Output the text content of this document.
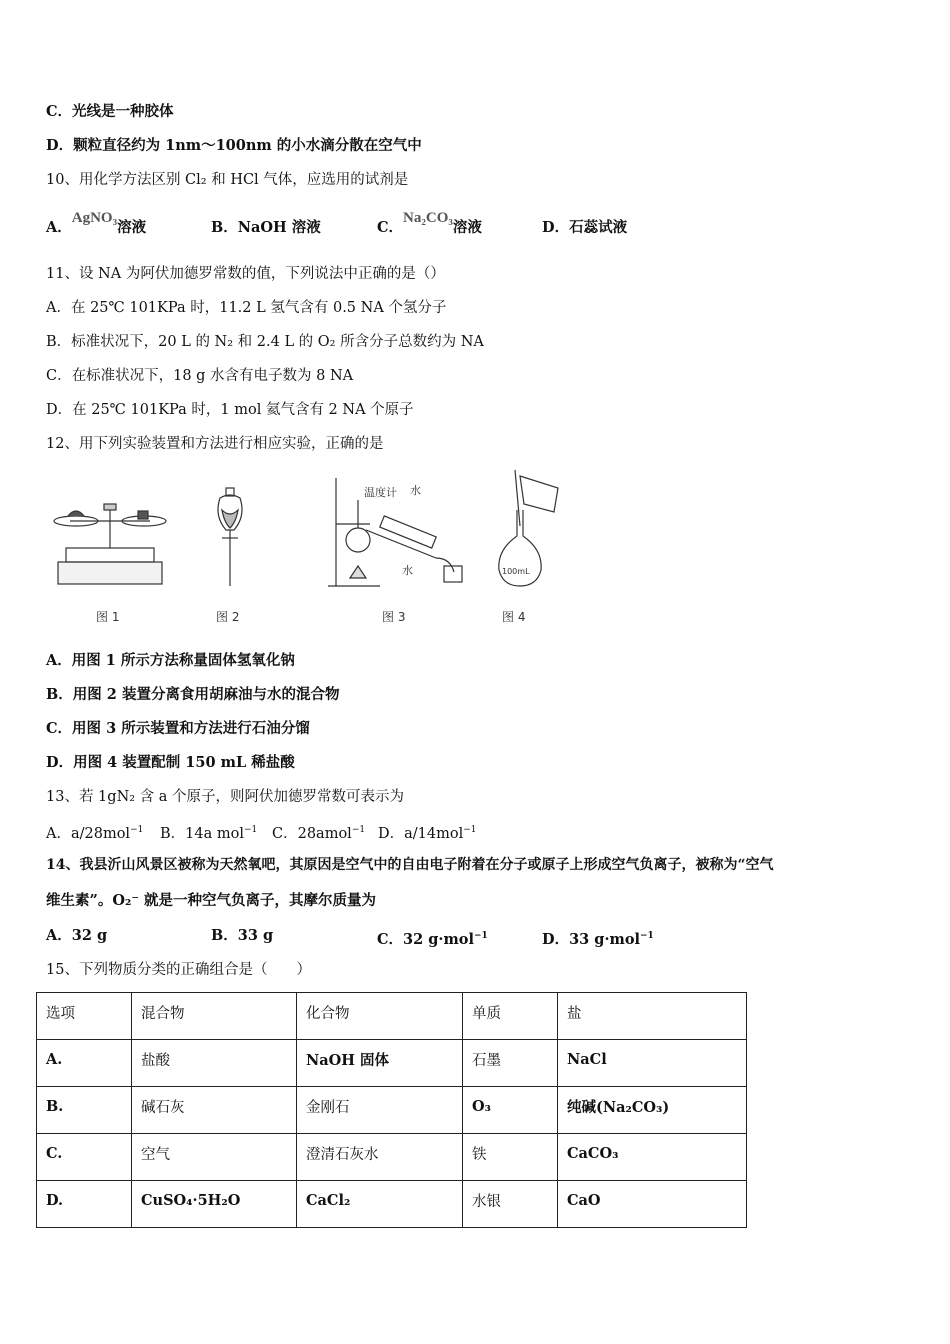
C．光线是一种胶体
D．颗粒直径约为 1nm～100nm 的小水滴分散在空气中
10、用化学方法区别 Cl₂ 和 HCl 气体，应选用的试剂是
A．AgNO₃溶液	B．NaOH 溶液	C．Na₂CO₃溶液	D．石蕊试液
11、设 NA 为阿伏加德罗常数的值，下列说法中正确的是（）
A．在 25℃ 101KPa 时，11.2 L 氢气含有 0.5 NA 个氢分子
B．标准状况下，20 L 的 N₂ 和 2.4 L 的 O₂ 所含分子总数约为 NA
C．在标准状况下，18 g 水含有电子数为 8 NA
D．在 25℃ 101KPa 时，1 mol 氦气含有 2 NA 个原子
12、用下列实验装置和方法进行相应实验，正确的是
温度计 水
水	100mL
图 1	图 2	图 3	图 4
A．用图 1 所示方法称量固体氢氧化钠
B．用图 2 装置分离食用胡麻油与水的混合物
C．用图 3 所示装置和方法进行石油分馏
D．用图 4 装置配制 150 mL 稀盐酸
13、若 1gN₂ 含 a 个原子，则阿伏加德罗常数可表示为
A．a/28mol$^{-1}$ B．14a mol$^{-1}$ C．28amol$^{-1}$ D．a/14mol$^{-1}$
14、我县沂山风景区被称为天然氧吧，其原因是空气中的自由电子附着在分子或原子上形成空气负离子，被称为“空气
维生素”。O₂⁻ 就是一种空气负离子，其摩尔质量为
A．32 g	B．33 g	C．32 g·mol$^{-1}$	D．33 g·mol$^{-1}$
15、下列物质分类的正确组合是（　　）
选项	混合物	化合物	单质	盐

A.	盐酸	NaOH 固体	石墨	NaCl

B.	碱石灰	金刚石	O₃	纯碱(Na₂CO₃)

C.	空气	澄清石灰水	铁	CaCO₃

D.	CuSO₄·5H₂O	CaCl₂	水银	CaO
